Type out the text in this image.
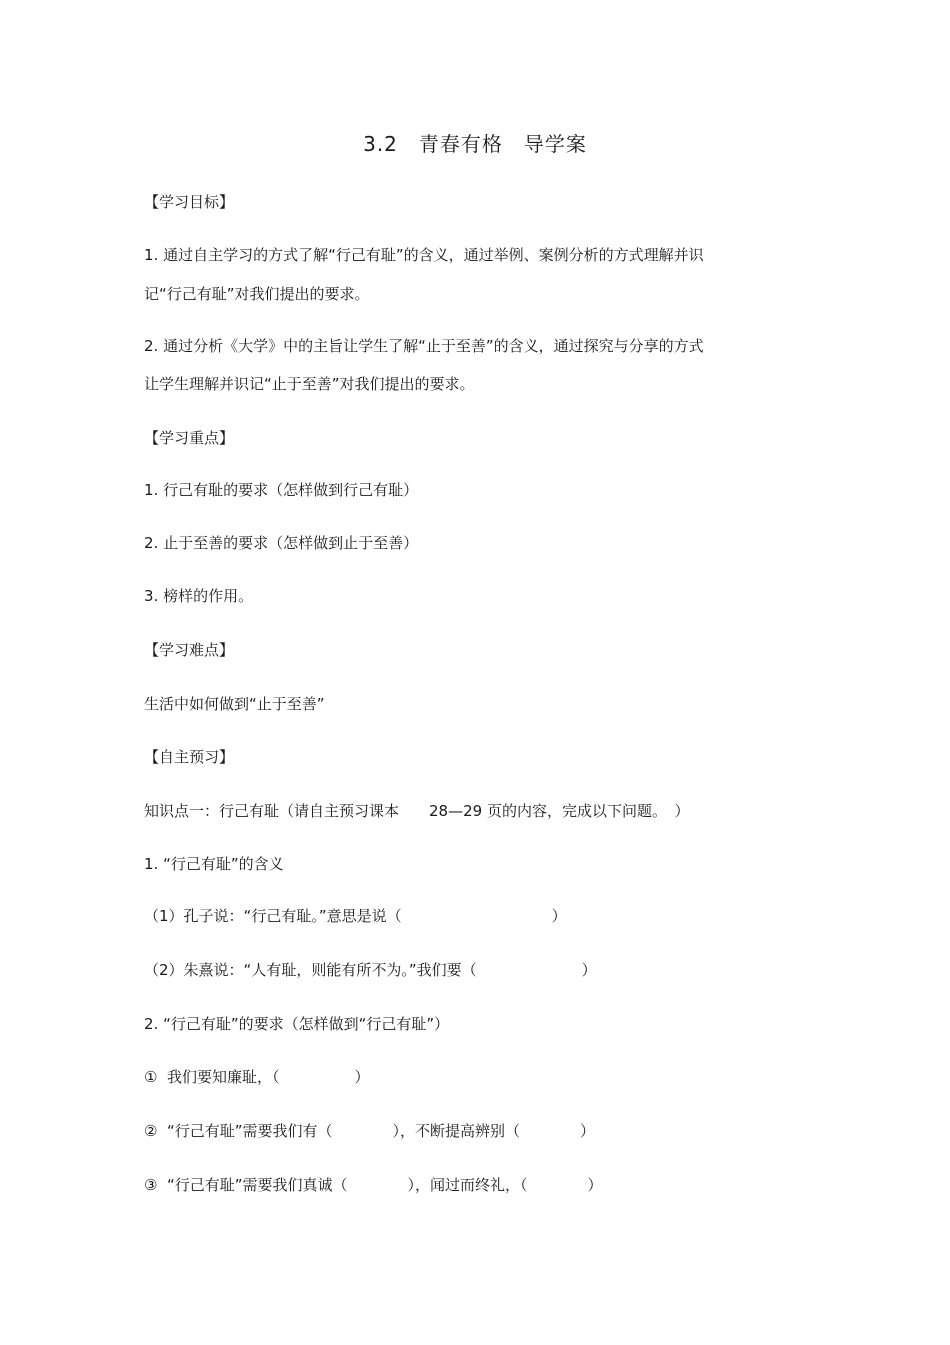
3.2　青春有格　导学案
【学习目标】
1. 通过自主学习的方式了解“行己有耻”的含义，通过举例、案例分析的方式理解并识
记“行己有耻”对我们提出的要求。
2. 通过分析《大学》中的主旨让学生了解“止于至善”的含义，通过探究与分享的方式
让学生理解并识记“止于至善”对我们提出的要求。
【学习重点】
1. 行己有耻的要求（怎样做到行己有耻）
2. 止于至善的要求（怎样做到止于至善）
3. 榜样的作用。
【学习难点】
生活中如何做到“止于至善”
【自主预习】
知识点一：行己有耻（请自主预习课本　　28—29 页的内容，完成以下问题。　）
1. “行己有耻”的含义
（1）孔子说：“行己有耻。”意思是说（　　　　　　　　　　）
（2）朱熹说：“人有耻，则能有所不为。”我们要（　　　　　　　）
2. “行己有耻”的要求（怎样做到“行己有耻”）
①  我们要知廉耻，（　　　　　）
②  “行己有耻”需要我们有（　　　　），不断提高辨别（　　　　）
③  “行己有耻”需要我们真诚（　　　　），闻过而终礼，（　　　　）
